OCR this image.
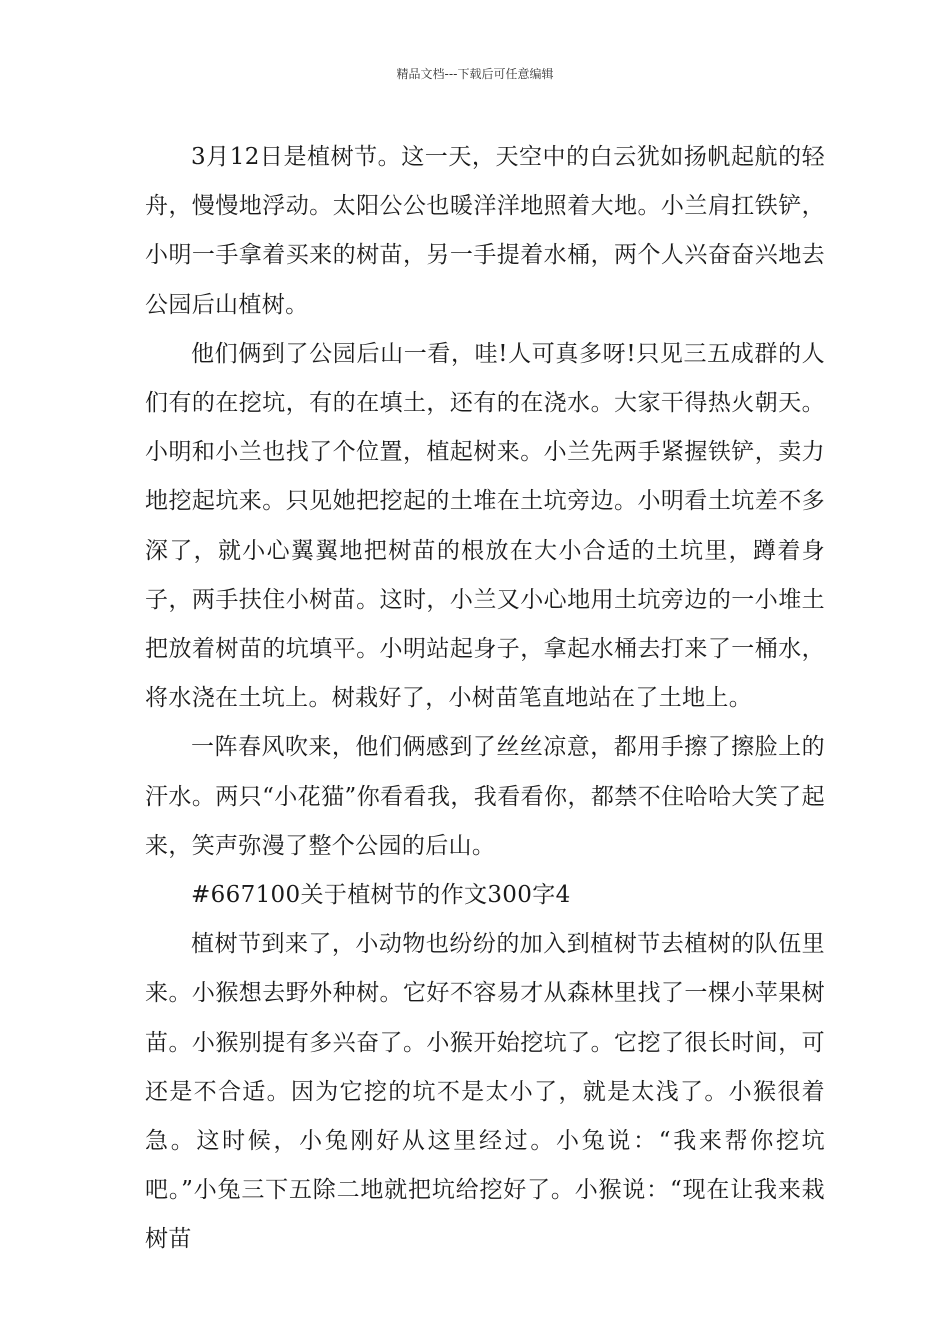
精品文档---下载后可任意编辑

3月12日是植树节。这一天，天空中的白云犹如扬帆起航的轻舟，慢慢地浮动。太阳公公也暖洋洋地照着大地。小兰肩扛铁铲，小明一手拿着买来的树苗，另一手提着水桶，两个人兴奋奋兴地去公园后山植树。

他们俩到了公园后山一看，哇!人可真多呀!只见三五成群的人们有的在挖坑，有的在填土，还有的在浇水。大家干得热火朝天。小明和小兰也找了个位置，植起树来。小兰先两手紧握铁铲，卖力地挖起坑来。只见她把挖起的土堆在土坑旁边。小明看土坑差不多深了，就小心翼翼地把树苗的根放在大小合适的土坑里，蹲着身子，两手扶住小树苗。这时，小兰又小心地用土坑旁边的一小堆土把放着树苗的坑填平。小明站起身子，拿起水桶去打来了一桶水，将水浇在土坑上。树栽好了，小树苗笔直地站在了土地上。

一阵春风吹来，他们俩感到了丝丝凉意，都用手擦了擦脸上的汗水。两只“小花猫”你看看我，我看看你，都禁不住哈哈大笑了起来，笑声弥漫了整个公园的后山。

#667100关于植树节的作文300字4

植树节到来了，小动物也纷纷的加入到植树节去植树的队伍里来。小猴想去野外种树。它好不容易才从森林里找了一棵小苹果树苗。小猴别提有多兴奋了。小猴开始挖坑了。它挖了很长时间，可还是不合适。因为它挖的坑不是太小了，就是太浅了。小猴很着急。这时候，小兔刚好从这里经过。小兔说：“我来帮你挖坑吧。”小兔三下五除二地就把坑给挖好了。小猴说：“现在让我来栽树苗
